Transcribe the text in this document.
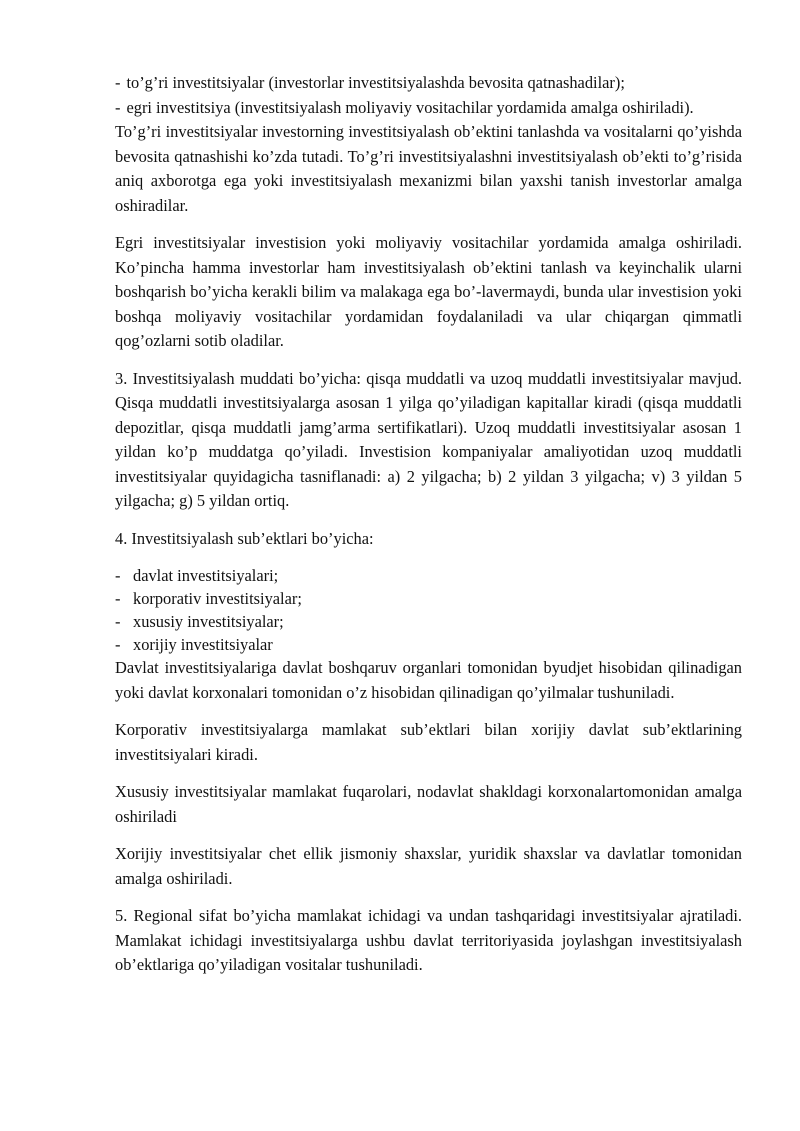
- to’g’ri investitsiyalar (investorlar investitsiyalashda bevosita qatnashadilar);

- egri investitsiya (investitsiyalash moliyaviy vositachilar yordamida amalga oshiriladi).

To’g’ri investitsiyalar investorning investitsiyalash ob’ektini tanlashda va vositalarni qo’yishda bevosita qatnashishi ko’zda tutadi. To’g’ri investitsiyalashni investitsiyalash ob’ekti to’g’risida aniq axborotga ega yoki investitsiyalash mexanizmi bilan yaxshi tanish investorlar amalga oshiradilar.

Egri investitsiyalar investision yoki moliyaviy vositachilar yordamida amalga oshiriladi. Ko’pincha hamma investorlar ham investitsiyalash ob’ektini tanlash va keyinchalik ularni boshqarish bo’yicha kerakli bilim va malakaga ega bo’-lavermaydi, bunda ular investision yoki boshqa moliyaviy vositachilar yordamidan foydalaniladi va ular chiqargan qimmatli qog’ozlarni sotib oladilar.

3. Investitsiyalash muddati bo’yicha: qisqa muddatli va uzoq muddatli investitsiyalar mavjud. Qisqa muddatli investitsiyalarga asosan 1 yilga qo’yiladigan kapitallar kiradi (qisqa muddatli depozitlar, qisqa muddatli jamg’arma sertifikatlari). Uzoq muddatli investitsiyalar asosan 1 yildan ko’p muddatga qo’yiladi. Investision kompaniyalar amaliyotidan uzoq muddatli investitsiyalar quyidagicha tasniflanadi: a) 2 yilgacha; b) 2 yildan 3 yilgacha; v) 3 yildan 5 yilgacha; g) 5 yildan ortiq.

4. Investitsiyalash sub’ektlari bo’yicha:

- davlat investitsiyalari;

- korporativ investitsiyalar;

- xususiy investitsiyalar;

- xorijiy investitsiyalar

Davlat investitsiyalariga davlat boshqaruv organlari tomonidan byudjet hisobidan qilinadigan yoki davlat korxonalari tomonidan o’z hisobidan qilinadigan qo’yilmalar tushuniladi.

Korporativ investitsiyalarga mamlakat sub’ektlari bilan xorijiy davlat sub’ektlarining investitsiyalari kiradi.

Xususiy investitsiyalar mamlakat fuqarolari, nodavlat shakldagi korxonalartomonidan amalga oshiriladi

Xorijiy investitsiyalar chet ellik jismoniy shaxslar, yuridik shaxslar va davlatlar tomonidan amalga oshiriladi.

5. Regional sifat bo’yicha mamlakat ichidagi va undan tashqaridagi investitsiyalar ajratiladi. Mamlakat ichidagi investitsiyalarga ushbu davlat territoriyasida joylashgan investitsiyalash ob’ektlariga qo’yiladigan vositalar tushuniladi.
